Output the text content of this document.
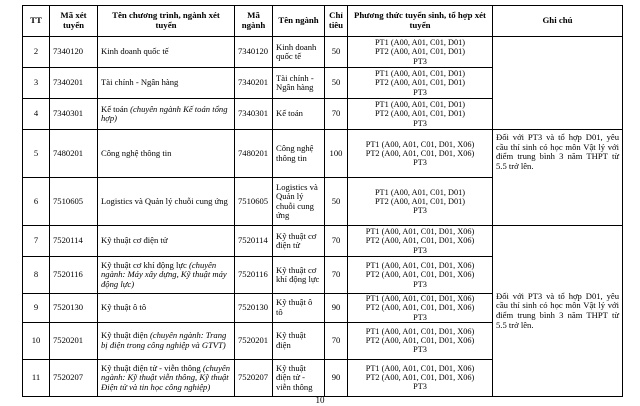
TT	Mã xét tuyển	Tên chương trình, ngành xét tuyển	Mã ngành	Tên ngành	Chỉ tiêu	Phương thức tuyển sinh, tổ hợp xét tuyển	Ghi chú
2	7340120	Kinh doanh quốc tế	7340120	Kinh doanh quốc tế	50	PT1 (A00, A01, C01, D01)
PT2 (A00, A01, C01, D01)
PT3	

3	7340201	Tài chính - Ngân hàng	7340201	Tài chính - Ngân hàng	50	PT1 (A00, A01, C01, D01)
PT2 (A00, A01, C01, D01)
PT3	

4	7340301	Kế toán (chuyên ngành Kế toán tổng hợp)	7340301	Kế toán	70	PT1 (A00, A01, C01, D01)
PT2 (A00, A01, C01, D01)
PT3	

5	7480201	Công nghệ thông tin	7480201	Công nghệ thông tin	100	PT1 (A00, A01, C01, D01, X06)
PT2 (A00, A01, C01, D01, X06)
PT3	Đối với PT3 và tổ hợp D01, yêu cầu thí sinh có học môn Vật lý với điểm trung bình 3 năm THPT từ 5.5 trở lên.
6	7510605	Logistics và Quản lý chuỗi cung ứng	7510605	Logistics và Quản lý chuỗi cung ứng	50	PT1 (A00, A01, C01, D01)
PT2 (A00, A01, C01, D01)
PT3	

7	7520114	Kỹ thuật cơ điện tử	7520114	Kỹ thuật cơ điện tử	70	PT1 (A00, A01, C01, D01, X06)
PT2 (A00, A01, C01, D01, X06)
PT3	Đối với PT3 và tổ hợp D01, yêu cầu thí sinh có học môn Vật lý với điểm trung bình 3 năm THPT từ 5.5 trở lên.
8	7520116	Kỹ thuật cơ khí động lực (chuyên ngành: Máy xây dựng, Kỹ thuật máy động lực)	7520116	Kỹ thuật cơ khí động lực	70	PT1 (A00, A01, C01, D01, X06)
PT2 (A00, A01, C01, D01, X06)
PT3	

9	7520130	Kỹ thuật ô tô	7520130	Kỹ thuật ô tô	90	PT1 (A00, A01, C01, D01, X06)
PT2 (A00, A01, C01, D01, X06)
PT3	

10	7520201	Kỹ thuật điện (chuyên ngành: Trang bị điện trong công nghiệp và GTVT)	7520201	Kỹ thuật điện	70	PT1 (A00, A01, C01, D01, X06)
PT2 (A00, A01, C01, D01, X06)
PT3	

11	7520207	Kỹ thuật điện tử - viễn thông (chuyên ngành: Kỹ thuật viễn thông, Kỹ thuật Điện tử và tin học công nghiệp)	7520207	Kỹ thuật điện tử - viễn thông	90	PT1 (A00, A01, C01, D01, X06)
PT2 (A00, A01, C01, D01, X06)
PT3	
10
